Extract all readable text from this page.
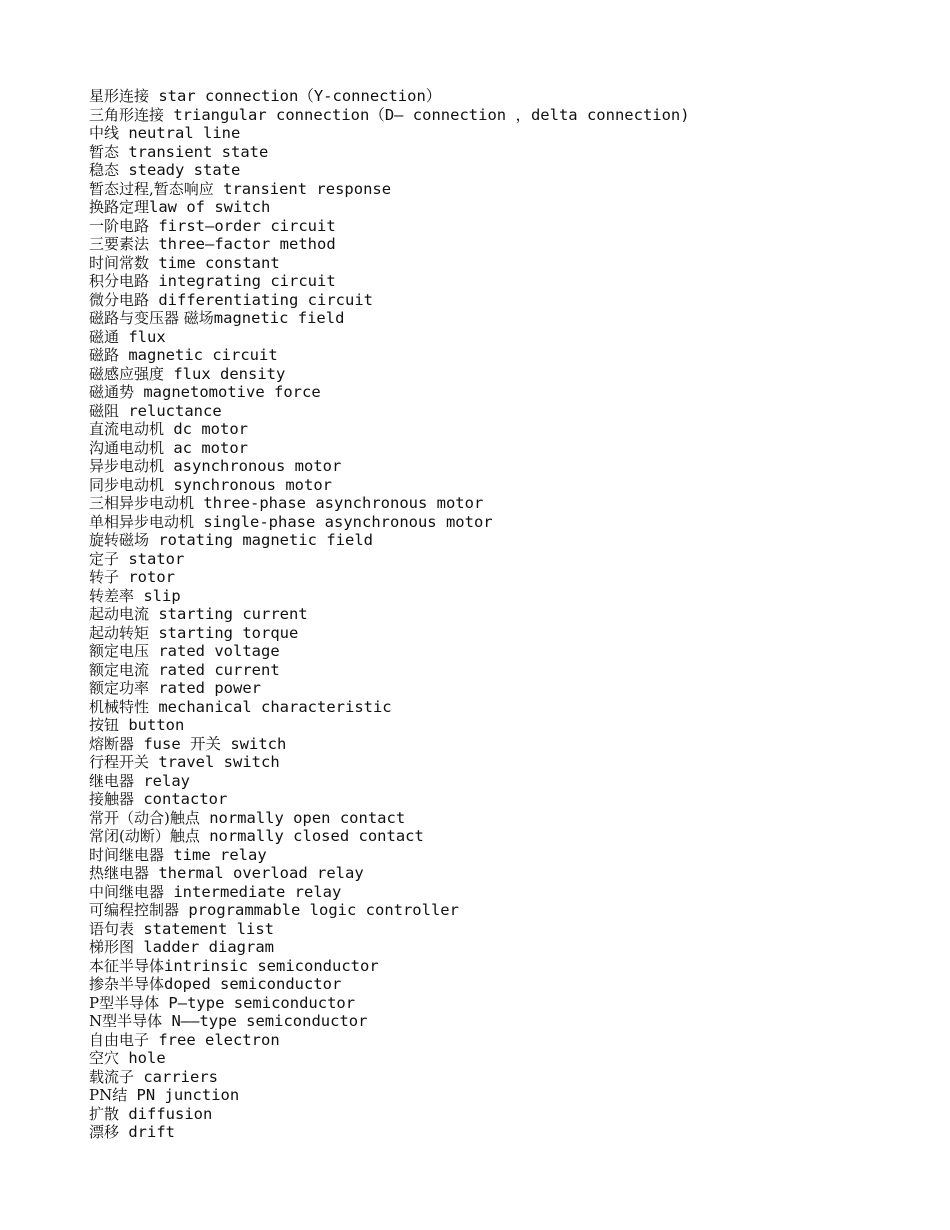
星形连接 star connection（Y-connection）
三角形连接 triangular connection（D— connection ，delta connection)
中线 neutral line
暂态 transient state
稳态 steady state
暂态过程,暂态响应 transient response
换路定理law of switch
一阶电路 first—order circuit
三要素法 three—factor method
时间常数 time constant
积分电路 integrating circuit
微分电路 differentiating circuit
磁路与变压器 磁场magnetic field
磁通 flux
磁路 magnetic circuit
磁感应强度 flux density
磁通势 magnetomotive force
磁阻 reluctance
直流电动机 dc motor
沟通电动机 ac motor
异步电动机 asynchronous motor
同步电动机 synchronous motor
三相异步电动机 three-phase asynchronous motor
单相异步电动机 single-phase asynchronous motor
旋转磁场 rotating magnetic field
定子 stator
转子 rotor
转差率 slip
起动电流 starting current
起动转矩 starting torque
额定电压 rated voltage
额定电流 rated current
额定功率 rated power
机械特性 mechanical characteristic
按钮 button
熔断器 fuse 开关 switch
行程开关 travel switch
继电器 relay
接触器 contactor
常开（动合)触点 normally open contact
常闭(动断）触点 normally closed contact
时间继电器 time relay
热继电器 thermal overload relay
中间继电器 intermediate relay
可编程控制器 programmable logic controller
语句表 statement list
梯形图 ladder diagram
本征半导体intrinsic semiconductor
掺杂半导体doped semiconductor
P型半导体 P—type semiconductor
N型半导体 N——type semiconductor
自由电子 free electron
空穴 hole
载流子 carriers
PN结 PN junction
扩散 diffusion
漂移 drift
